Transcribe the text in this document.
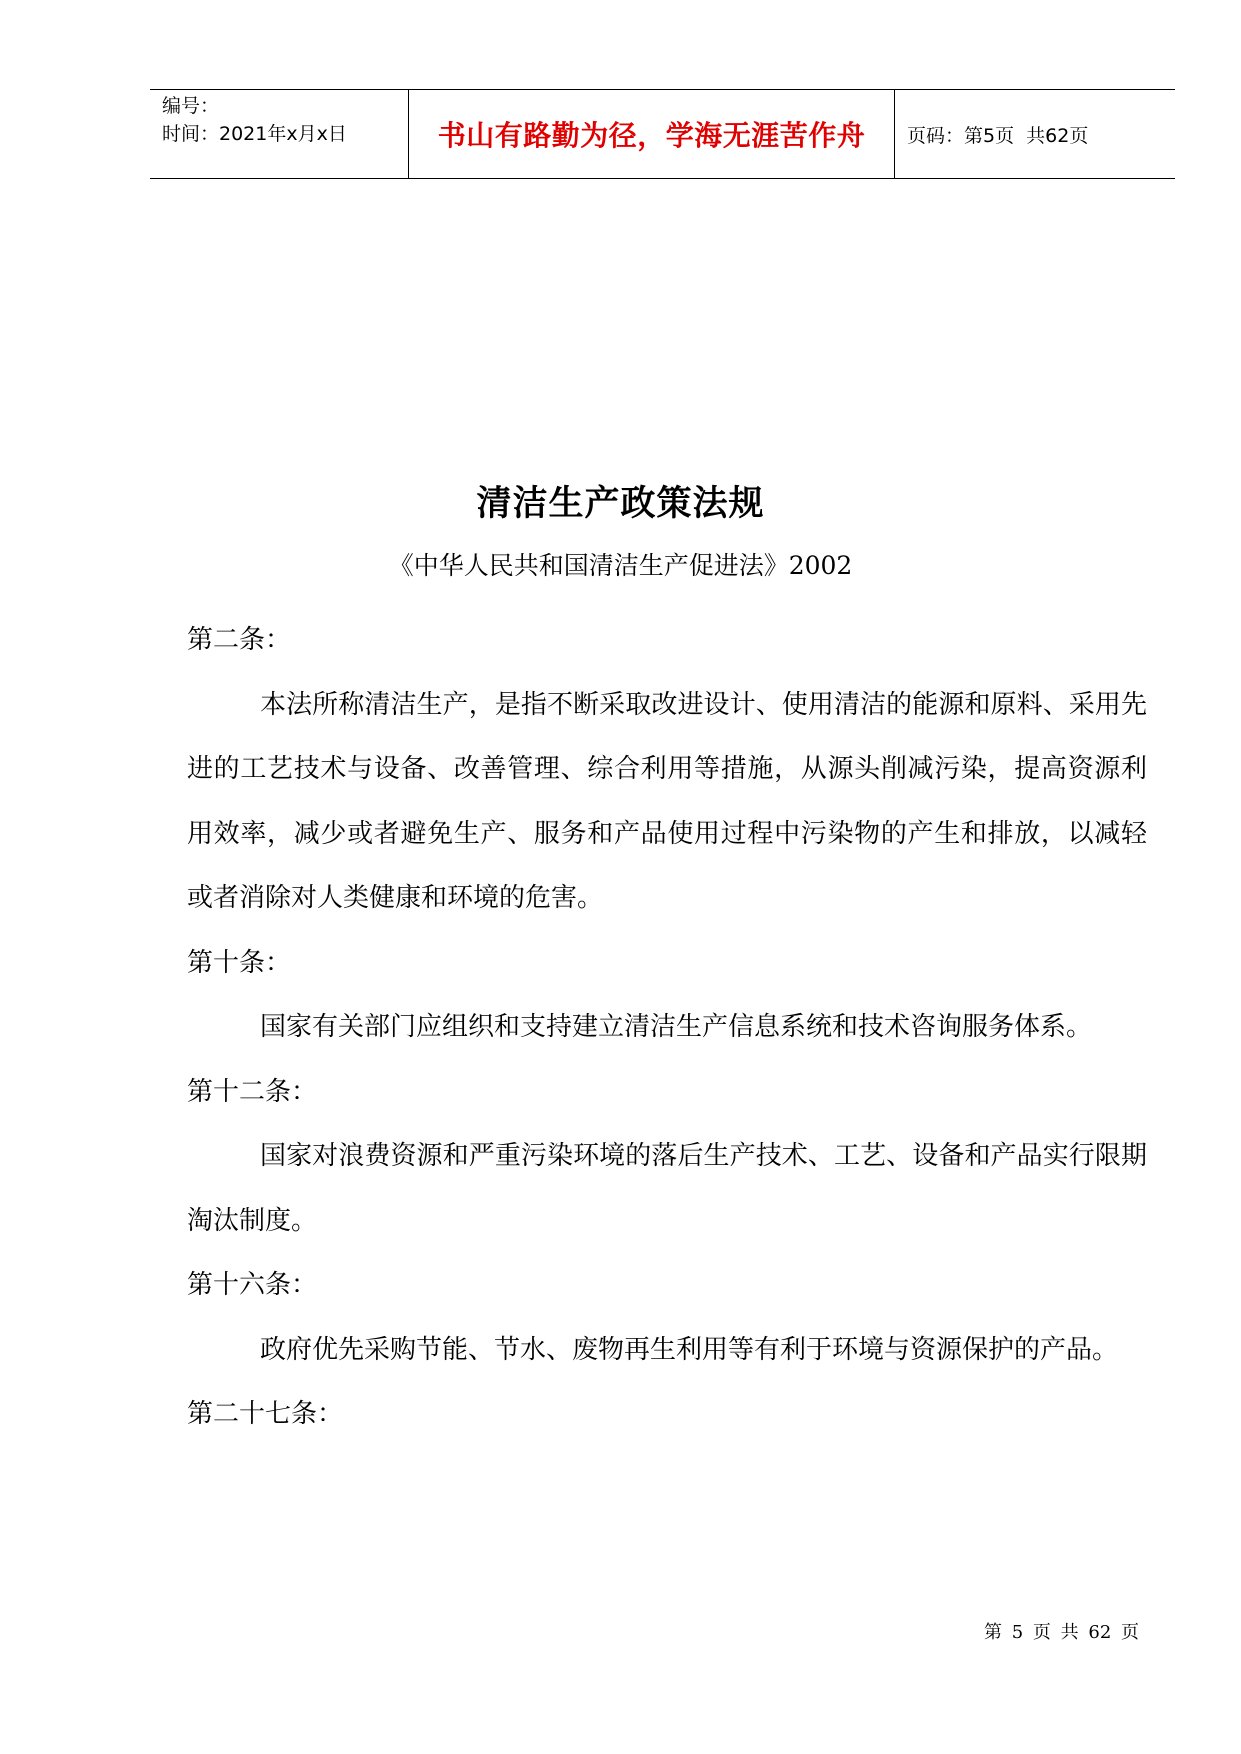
编号：
时间：2021年x月x日	书山有路勤为径，学海无涯苦作舟	页码：第5页  共62页
清洁生产政策法规
《中华人民共和国清洁生产促进法》2002

第二条：

本法所称清洁生产，是指不断采取改进设计、使用清洁的能源和原料、采用先进的工艺技术与设备、改善管理、综合利用等措施，从源头削减污染，提高资源利用效率，减少或者避免生产、服务和产品使用过程中污染物的产生和排放，以减轻或者消除对人类健康和环境的危害。

第十条：

国家有关部门应组织和支持建立清洁生产信息系统和技术咨询服务体系。

第十二条：

国家对浪费资源和严重污染环境的落后生产技术、工艺、设备和产品实行限期淘汰制度。

第十六条：

政府优先采购节能、节水、废物再生利用等有利于环境与资源保护的产品。

第二十七条：

第 5 页 共 62 页
